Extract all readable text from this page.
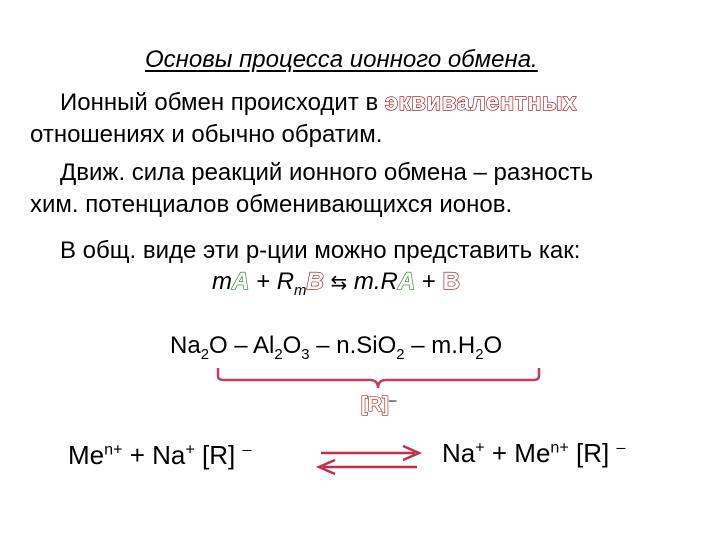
Основы процесса ионного обмена.
Ионный обмен происходит в эквивалентных
отношениях и обычно обратим.
Движ. сила реакций ионного обмена – разность
хим. потенциалов обменивающихся ионов.
В общ. виде эти р-ции можно представить как:
mA + $R_mB$ ⇆ m.RA + B
$Na_2O - Al_2O_3 - n.SiO_2 - m.H_2O$
[R]–
$Me^{n+} + Na^+$ [R] –	$Na^+ + Me^{n+}$ [R] –
